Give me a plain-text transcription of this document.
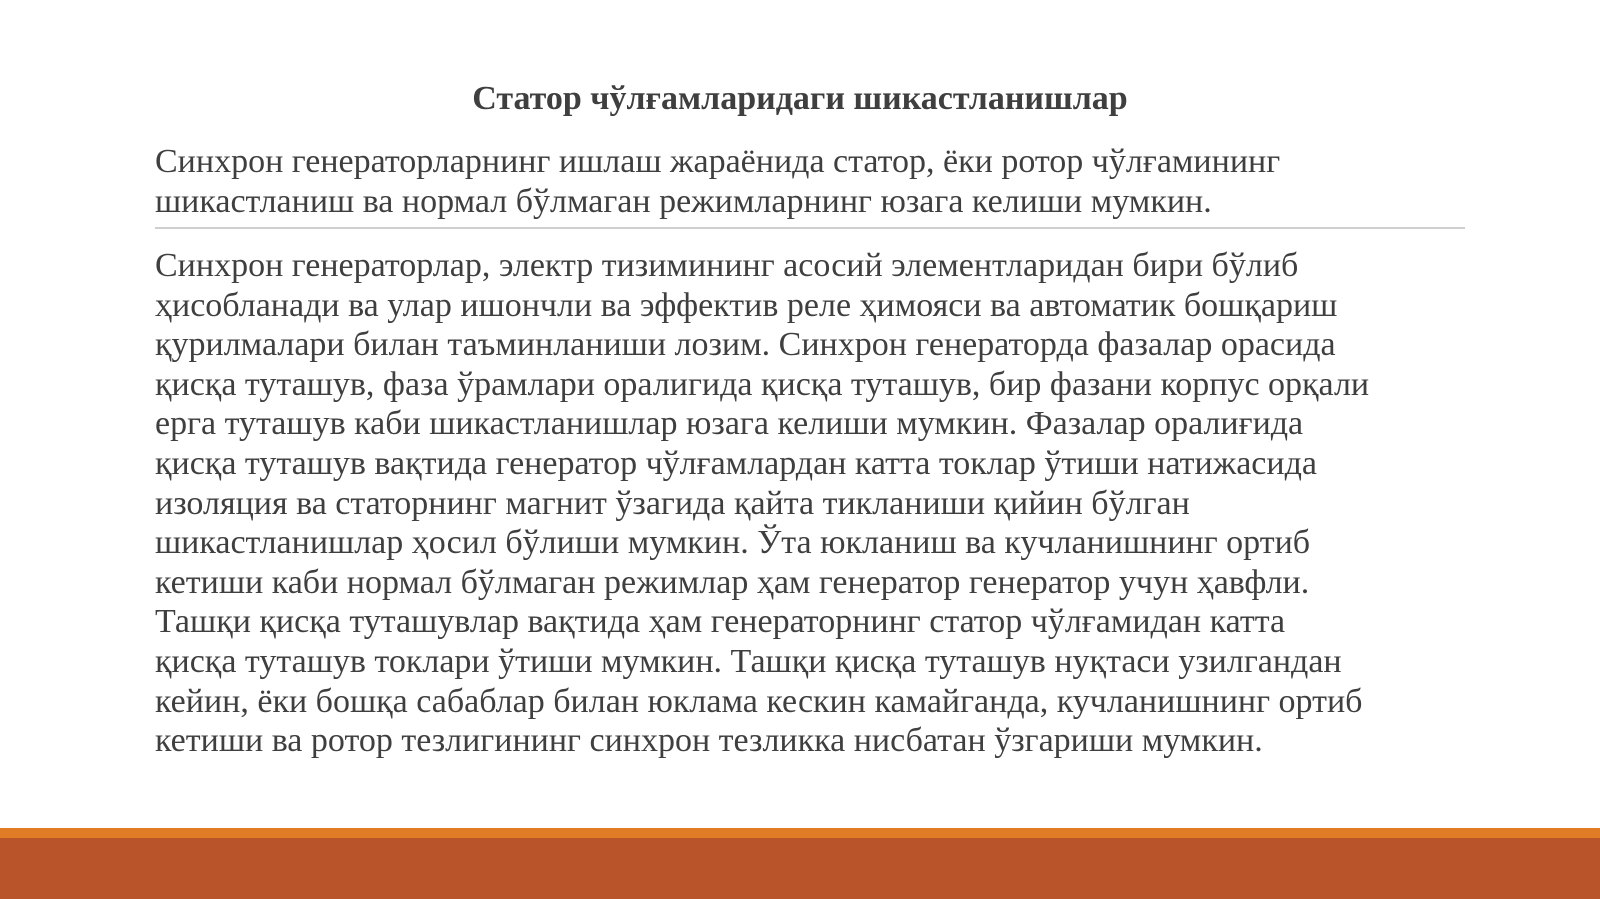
Статор чўлғамларидаги шикастланишлар
Синхрон генераторларнинг ишлаш жараёнида статор, ёки ротор чўлғамининг
шикастланиш ва нормал бўлмаган режимларнинг юзага келиши мумкин.
Синхрон генераторлар, электр тизимининг асосий элементларидан бири бўлиб
ҳисобланади ва улар ишончли ва эффектив реле ҳимояси ва автоматик бошқариш
қурилмалари билан таъминланиши лозим. Синхрон генераторда фазалар орасида
қисқа туташув, фаза ўрамлари оралигида қисқа туташув, бир фазани корпус орқали
ерга туташув каби шикастланишлар юзага келиши мумкин. Фазалар оралиғида
қисқа туташув вақтида генератор чўлғамлардан катта токлар ўтиши натижасида
изоляция ва статорнинг магнит ўзагида қайта тикланиши қийин бўлган
шикастланишлар ҳосил бўлиши мумкин. Ўта юкланиш ва кучланишнинг ортиб
кетиши каби нормал бўлмаган режимлар ҳам генератор генератор учун ҳавфли.
Ташқи қисқа туташувлар вақтида ҳам генераторнинг статор чўлғамидан катта
қисқа туташув токлари ўтиши мумкин. Ташқи қисқа туташув нуқтаси узилгандан
кейин, ёки бошқа сабаблар билан юклама кескин камайганда, кучланишнинг ортиб
кетиши ва ротор тезлигининг синхрон тезликка нисбатан ўзгариши мумкин.
